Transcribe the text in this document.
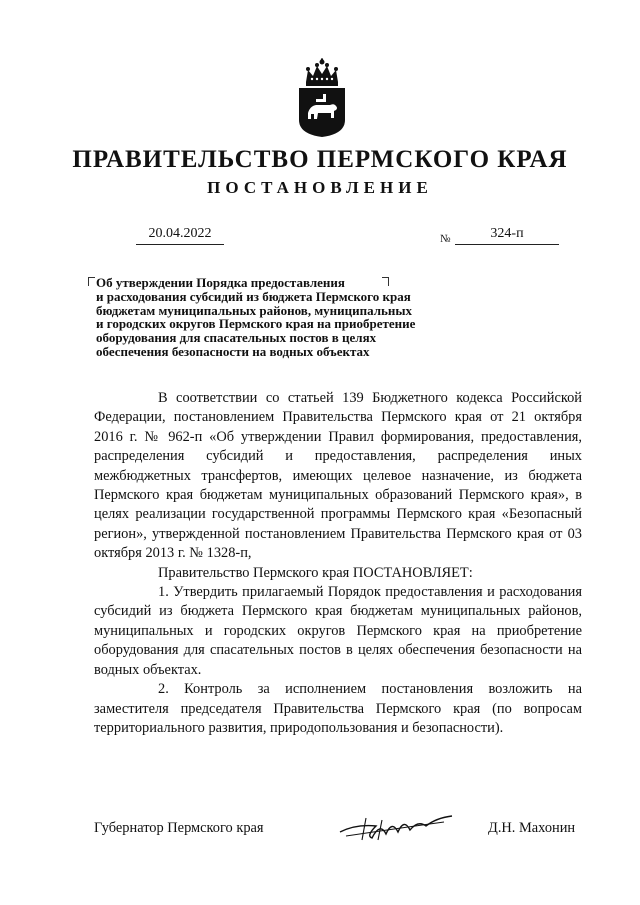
ПРАВИТЕЛЬСТВО ПЕРМСКОГО КРАЯ
ПОСТАНОВЛЕНИЕ
20.04.2022	№	324-п
Об утверждении Порядка предоставления
и расходования субсидий из бюджета Пермского края
бюджетам муниципальных районов, муниципальных
и городских округов Пермского края на приобретение
оборудования для спасательных постов в целях
обеспечения безопасности на водных объектах

В соответствии со статьей 139 Бюджетного кодекса Российской Федерации, постановлением Правительства Пермского края от 21 октября 2016 г. № 962-п «Об утверждении Правил формирования, предоставления, распределения субсидий и предоставления, распределения иных межбюджетных трансфертов, имеющих целевое назначение, из бюджета Пермского края бюджетам муниципальных образований Пермского края», в целях реализации государственной программы Пермского края «Безопасный регион», утвержденной постановлением Правительства Пермского края от 03 октября 2013 г. № 1328-п,

Правительство Пермского края ПОСТАНОВЛЯЕТ:

1. Утвердить прилагаемый Порядок предоставления и расходования субсидий из бюджета Пермского края бюджетам муниципальных районов, муниципальных и городских округов Пермского края на приобретение оборудования для спасательных постов в целях обеспечения безопасности на водных объектах.

2. Контроль за исполнением постановления возложить на заместителя председателя Правительства Пермского края (по вопросам территориального развития, природопользования и безопасности).

Губернатор Пермского края	Д.Н. Махонин
